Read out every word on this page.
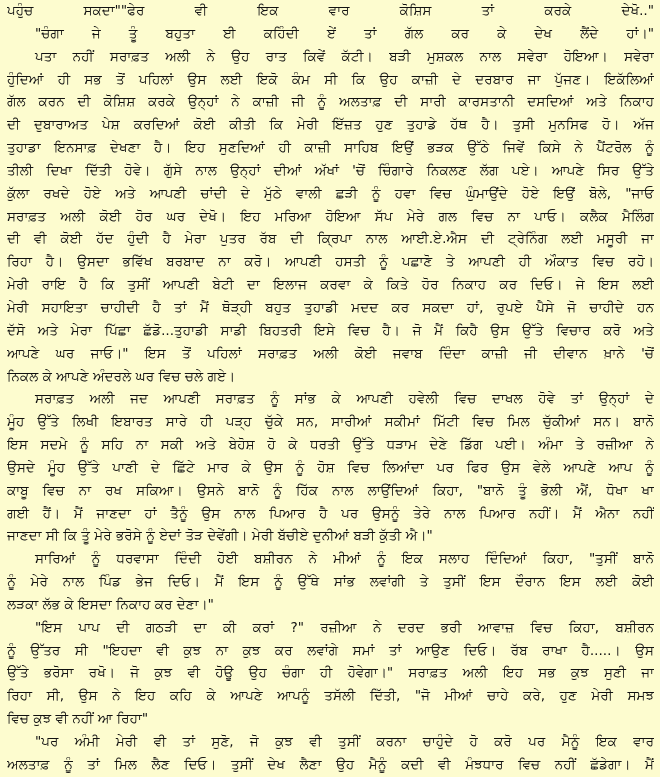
ਪਹੁੰਚ ਸਕਦਾ""ਫੇਰ ਵੀ ਇਕ ਵਾਰ ਕੋਸ਼ਿਸ ਤਾਂ ਕਰਕੇ ਦੇਖੋ.."
"ਚੰਗਾ ਜੇ ਤੂੰ ਬਹੁਤਾ ਈ ਕਹਿੰਦੀ ਏਂ ਤਾਂ ਗੱਲ ਕਰ ਕੇ ਦੇਖ ਲੈਂਦੇ ਹਾਂ।"
ਪਤਾ ਨਹੀਂ ਸਰਾਫ਼ਤ ਅਲੀ ਨੇ ਉਹ ਰਾਤ ਕਿਵੇਂ ਕੱਟੀ। ਬੜੀ ਮੁਸ਼ਕਲ ਨਾਲ ਸਵੇਰਾ ਹੋਇਆ। ਸਵੇਰਾ
ਹੁੰਦਿਆਂ ਹੀ ਸਭ ਤੋਂ ਪਹਿਲਾਂ ਉਸ ਲਈ ਇਕੋ ਕੰਮ ਸੀ ਕਿ ਉਹ ਕਾਜ਼ੀ ਦੇ ਦਰਬਾਰ ਜਾ ਪੁੱਜਣ। ਇਕੱਲਿਆਂ
ਗੱਲ ਕਰਨ ਦੀ ਕੋਸ਼ਿਸ਼ ਕਰਕੇ ਉਨ੍ਹਾਂ ਨੇ ਕਾਜ਼ੀ ਜੀ ਨੂੰ ਅਲਤਾਫ਼ ਦੀ ਸਾਰੀ ਕਾਰਸਤਾਨੀ ਦਸਦਿਆਂ ਅਤੇ ਨਿਕਾਹ
ਦੀ ਦੁਬਾਰਾਅਤ ਪੇਸ਼ ਕਰਦਿਆਂ ਕੋਈ ਕੀਤੀ ਕਿ ਮੇਰੀ ਇੱਜ਼ਤ ਹੁਣ ਤੁਹਾਡੇ ਹੱਥ ਹੈ। ਤੁਸੀ ਮੁਨਸਿਫ ਹੋ। ਅੱਜ
ਤੁਹਾਡਾ ਇਨਸਾਫ਼ ਦੇਖਣਾ ਹੈ। ਇਹ ਸੁਣਦਿਆਂ ਹੀ ਕਾਜ਼ੀ ਸਾਹਿਬ ਇਉਂ ਭੜਕ ਉੱਠੇ ਜਿਵੇਂ ਕਿਸੇ ਨੇ ਪੈਂਟਰੋਲ ਨੂੰ
ਤੀਲੀ ਦਿਖਾ ਦਿੱਤੀ ਹੋਵੇ। ਗੁੱਸੇ ਨਾਲ ਉਨ੍ਹਾਂ ਦੀਆਂ ਅੱਖਾਂ 'ਚੋਂ ਚਿੰਗਾਰੇ ਨਿਕਲਣ ਲੱਗ ਪਏ। ਆਪਣੇ ਸਿਰ ਉੱਤੇ
ਕੁੱਲਾ ਰਖਦੇ ਹੋਏ ਅਤੇ ਆਪਣੀ ਚਾਂਦੀ ਦੇ ਮੁੱਠੇ ਵਾਲੀ ਛੜੀ ਨੂੰ ਹਵਾ ਵਿਚ ਘੁੰਮਾਉਂਦੇ ਹੋਏ ਇਉਂ ਬੋਲੇ, "ਜਾਓ
ਸਰਾਫ਼ਤ ਅਲੀ ਕੋਈ ਹੋਰ ਘਰ ਦੇਖੋ। ਇਹ ਮਰਿਆ ਹੋਇਆ ਸੱਪ ਮੇਰੇ ਗਲ ਵਿਚ ਨਾ ਪਾਓ। ਕਲੈਕ ਮੈਲਿੰਗ
ਦੀ ਵੀ ਕੋਈ ਹੱਦ ਹੁੰਦੀ ਹੈ ਮੇਰਾ ਪੁਤਰ ਰੱਬ ਦੀ ਕ੍ਰਿਪਾ ਨਾਲ ਆਈ.ਏ.ਐਸ ਦੀ ਟ੍ਰੇਨਿੰਗ ਲਈ ਮਸੂਰੀ ਜਾ
ਰਿਹਾ ਹੈ। ਉਸਦਾ ਭਵਿੱਖ ਬਰਬਾਦ ਨਾ ਕਰੋ। ਆਪਣੀ ਹਸਤੀ ਨੂੰ ਪਛਾਣੋ ਤੇ ਆਪਣੀ ਹੀ ਔਕਾਤ ਵਿਚ ਰਹੋ।
ਮੇਰੀ ਰਾਇ ਹੈ ਕਿ ਤੁਸੀਂ ਆਪਣੀ ਬੇਟੀ ਦਾ ਇਲਾਜ ਕਰਵਾ ਕੇ ਕਿਤੇ ਹੋਰ ਨਿਕਾਹ ਕਰ ਦਿਓ। ਜੇ ਇਸ ਲਈ
ਮੇਰੀ ਸਹਾਇਤਾ ਚਾਹੀਦੀ ਹੈ ਤਾਂ ਮੈਂ ਥੋੜ੍ਹੀ ਬਹੁਤ ਤੁਹਾਡੀ ਮਦਦ ਕਰ ਸਕਦਾ ਹਾਂ, ਰੁਪਏ ਪੈਸੇ ਜੋ ਚਾਹੀਦੇ ਹਨ
ਦੱਸੋ ਅਤੇ ਮੇਰਾ ਪਿੱਛਾ ਛੱਡੋ...ਤੁਹਾਡੀ ਸਾਡੀ ਬਿਹਤਰੀ ਇਸੇ ਵਿਚ ਹੈ। ਜੋ ਮੈਂ ਕਿਹੈ ਉਸ ਉੱਤੇ ਵਿਚਾਰ ਕਰੋ ਅਤੇ
ਆਪਣੇ ਘਰ ਜਾਓ।" ਇਸ ਤੋਂ ਪਹਿਲਾਂ ਸਰਾਫ਼ਤ ਅਲੀ ਕੋਈ ਜਵਾਬ ਦਿੰਦਾ ਕਾਜ਼ੀ ਜੀ ਦੀਵਾਨ ਖ਼ਾਨੇ 'ਚੋਂ
ਨਿਕਲ ਕੇ ਆਪਣੇ ਅੰਦਰਲੇ ਘਰ ਵਿਚ ਚਲੇ ਗਏ।
ਸਰਾਫ਼ਤ ਅਲੀ ਜਦ ਆਪਣੀ ਸਰਾਫ਼ਤ ਨੂੰ ਸਾਂਭ ਕੇ ਆਪਣੀ ਹਵੇਲੀ ਵਿਚ ਦਾਖਲ ਹੋਵੇ ਤਾਂ ਉਨ੍ਹਾਂ ਦੇ
ਮੂੰਹ ਉੱਤੇ ਲਿਖੀ ਇਬਾਰਤ ਸਾਰੇ ਹੀ ਪੜ੍ਹ ਚੁੱਕੇ ਸਨ, ਸਾਰੀਆਂ ਸਕੀਮਾਂ ਮਿੱਟੀ ਵਿਚ ਮਿਲ ਚੁੱਕੀਆਂ ਸਨ। ਬਾਨੋ
ਇਸ ਸਦਮੇ ਨੂੰ ਸਹਿ ਨਾ ਸਕੀ ਅਤੇ ਬੇਹੋਸ਼ ਹੋ ਕੇ ਧਰਤੀ ਉੱਤੇ ਧੜਾਮ ਦੇਣੇ ਡਿੱਗ ਪਈ। ਅੰਮਾ ਤੇ ਰਜ਼ੀਆ ਨੇ
ਉਸਦੇ ਮੂੰਹ ਉੱਤੇ ਪਾਣੀ ਦੇ ਛਿੱਟੇ ਮਾਰ ਕੇ ਉਸ ਨੂੰ ਹੋਸ਼ ਵਿਚ ਲਿਆਂਦਾ ਪਰ ਫਿਰ ਉਸ ਵੇਲੇ ਆਪਣੇ ਆਪ ਨੂੰ
ਕਾਬੂ ਵਿਚ ਨਾ ਰਖ ਸਕਿਆ। ਉਸਨੇ ਬਾਨੋ ਨੂੰ ਹਿੱਕ ਨਾਲ ਲਾਉਂਦਿਆਂ ਕਿਹਾ, "ਬਾਨੋ ਤੂੰ ਭੋਲੀ ਐਂ, ਧੋਖਾ ਖਾ
ਗਈ ਹੈਂ। ਮੈਂ ਜਾਣਦਾ ਹਾਂ ਤੈਨੂੰ ਉਸ ਨਾਲ ਪਿਆਰ ਹੈ ਪਰ ਉਸਨੂੰ ਤੇਰੇ ਨਾਲ ਪਿਆਰ ਨਹੀਂ। ਮੈਂ ਐਨਾ ਨਹੀਂ
ਜਾਣਦਾ ਸੀ ਕਿ ਤੂੰ ਮੇਰੇ ਭਰੋਸੇ ਨੂੰ ਏਦਾਂ ਤੋੜ ਦੇਵੇਂਗੀ। ਮੇਰੀ ਬੱਚੀਏ ਦੁਨੀਆਂ ਬੜੀ ਕੁੱਤੀ ਐ।"
ਸਾਰਿਆਂ ਨੂੰ ਧਰਵਾਸਾ ਦਿੰਦੀ ਹੋਈ ਬਸ਼ੀਰਨ ਨੇ ਮੀਆਂ ਨੂੰ ਇਕ ਸਲਾਹ ਦਿੰਦਿਆਂ ਕਿਹਾ, "ਤੁਸੀਂ ਬਾਨੋ
ਨੂੰ ਮੇਰੇ ਨਾਲ ਪਿੰਡ ਭੇਜ ਦਿਓ। ਮੈਂ ਇਸ ਨੂੰ ਉੱਥੇ ਸਾਂਭ ਲਵਾਂਗੀ ਤੇ ਤੁਸੀਂ ਇਸ ਦੌਰਾਨ ਇਸ ਲਈ ਕੋਈ
ਲੜਕਾ ਲੱਭ ਕੇ ਇਸਦਾ ਨਿਕਾਹ ਕਰ ਦੇਣਾ।"
"ਇਸ ਪਾਪ ਦੀ ਗਠੜੀ ਦਾ ਕੀ ਕਰਾਂ ?" ਰਜ਼ੀਆ ਨੇ ਦਰਦ ਭਰੀ ਆਵਾਜ਼ ਵਿਚ ਕਿਹਾ, ਬਸ਼ੀਰਨ
ਨੂੰ ਉੱਤਰ ਸੀ "ਇਹਦਾ ਵੀ ਕੁਝ ਨਾ ਕੁਝ ਕਰ ਲਵਾਂਗੇ ਸਮਾਂ ਤਾਂ ਆਉਣ ਦਿਓ। ਰੱਬ ਰਾਖਾ ਹੈ.....। ਉਸ
ਉੱਤੇ ਭਰੋਸਾ ਰਖੋ। ਜੋ ਕੁਝ ਵੀ ਹੋਊ ਉਹ ਚੰਗਾ ਹੀ ਹੋਵੇਗਾ।" ਸਰਾਫ਼ਤ ਅਲੀ ਇਹ ਸਭ ਕੁਝ ਸੁਣੀ ਜਾ
ਰਿਹਾ ਸੀ, ਉਸ ਨੇ ਇਹ ਕਹਿ ਕੇ ਆਪਣੇ ਆਪਨੂੰ ਤਸੱਲੀ ਦਿੱਤੀ, "ਜੋ ਮੀਆਂ ਚਾਹੇ ਕਰੇ, ਹੁਣ ਮੇਰੀ ਸਮਝ
ਵਿਚ ਕੁਝ ਵੀ ਨਹੀਂ ਆ ਰਿਹਾ"
"ਪਰ ਅੰਮੀ ਮੇਰੀ ਵੀ ਤਾਂ ਸੁਣੋ, ਜੋ ਕੁਝ ਵੀ ਤੁਸੀਂ ਕਰਨਾ ਚਾਹੁੰਦੇ ਹੋ ਕਰੋ ਪਰ ਮੈਨੂੰ ਇਕ ਵਾਰ
ਅਲਤਾਫ਼ ਨੂੰ ਤਾਂ ਮਿਲ ਲੈਣ ਦਿਓ। ਤੁਸੀਂ ਦੇਖ ਲੈਣਾ ਉਹ ਮੈਨੂੰ ਕਦੀ ਵੀ ਮੰਝਧਾਰ ਵਿਚ ਨਹੀਂ ਛੱਡੇਗਾ। ਮੈਂ
